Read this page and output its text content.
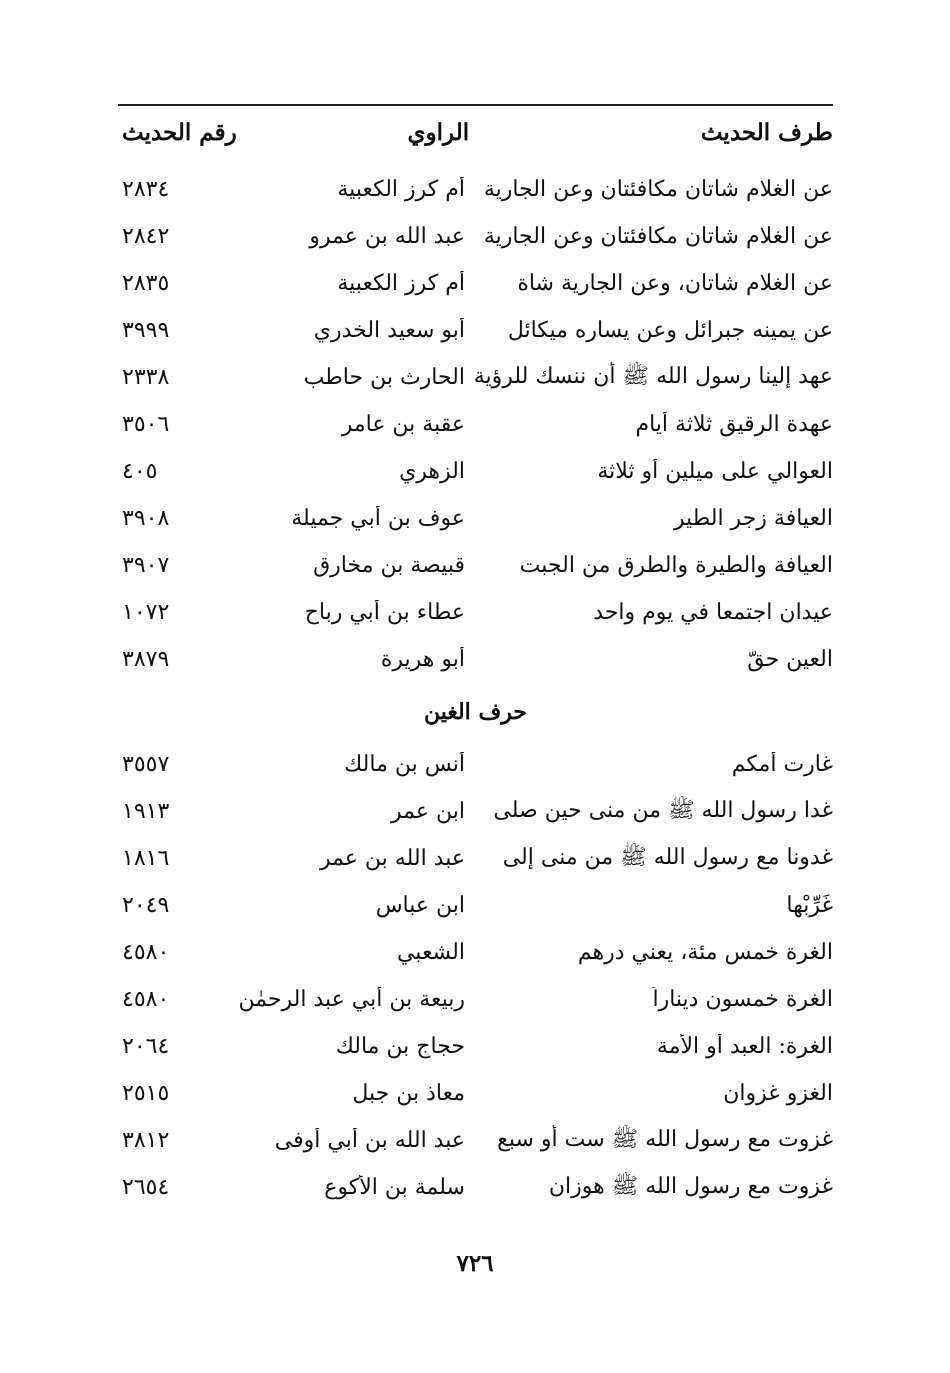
طرف الحديث
الراوي
رقم الحديث
عن الغلام شاتان مكافئتان وعن الجارية
أم كرز الكعبية
٢٨٣٤
عن الغلام شاتان مكافئتان وعن الجارية
عبد الله بن عمرو
٢٨٤٢
عن الغلام شاتان، وعن الجارية شاة
أم كرز الكعبية
٢٨٣٥
عن يمينه جبرائل وعن يساره ميكائل
أبو سعيد الخدري
٣٩٩٩
عهد إلينا رسول الله ﷺ أن ننسك للرؤية
الحارث بن حاطب
٢٣٣٨
عهدة الرقيق ثلاثة أيام
عقبة بن عامر
٣٥٠٦
العوالي على ميلين أو ثلاثة
الزهري
٤٠٥
العيافة زجر الطير
عوف بن أبي جميلة
٣٩٠٨
العيافة والطيرة والطرق من الجبت
قبيصة بن مخارق
٣٩٠٧
عيدان اجتمعا في يوم واحد
عطاء بن أبي رباح
١٠٧٢
العين حقّ
أبو هريرة
٣٨٧٩
حرف الغين
غارت أمكم
أنس بن مالك
٣٥٥٧
غدا رسول الله ﷺ من منى حين صلى
ابن عمر
١٩١٣
غدونا مع رسول الله ﷺ من منى إلى
عبد الله بن عمر
١٨١٦
غَرِّبْها
ابن عباس
٢٠٤٩
الغرة خمس مئة، يعني درهم
الشعبي
٤٥٨٠
الغرة خمسون ديناراً
ربيعة بن أبي عبد الرحمٰن
٤٥٨٠
الغرة: العبد أو الأمة
حجاج بن مالك
٢٠٦٤
الغزو غزوان
معاذ بن جبل
٢٥١٥
غزوت مع رسول الله ﷺ ست أو سبع
عبد الله بن أبي أوفى
٣٨١٢
غزوت مع رسول الله ﷺ هوزان
سلمة بن الأكوع
٢٦٥٤
٧٢٦
